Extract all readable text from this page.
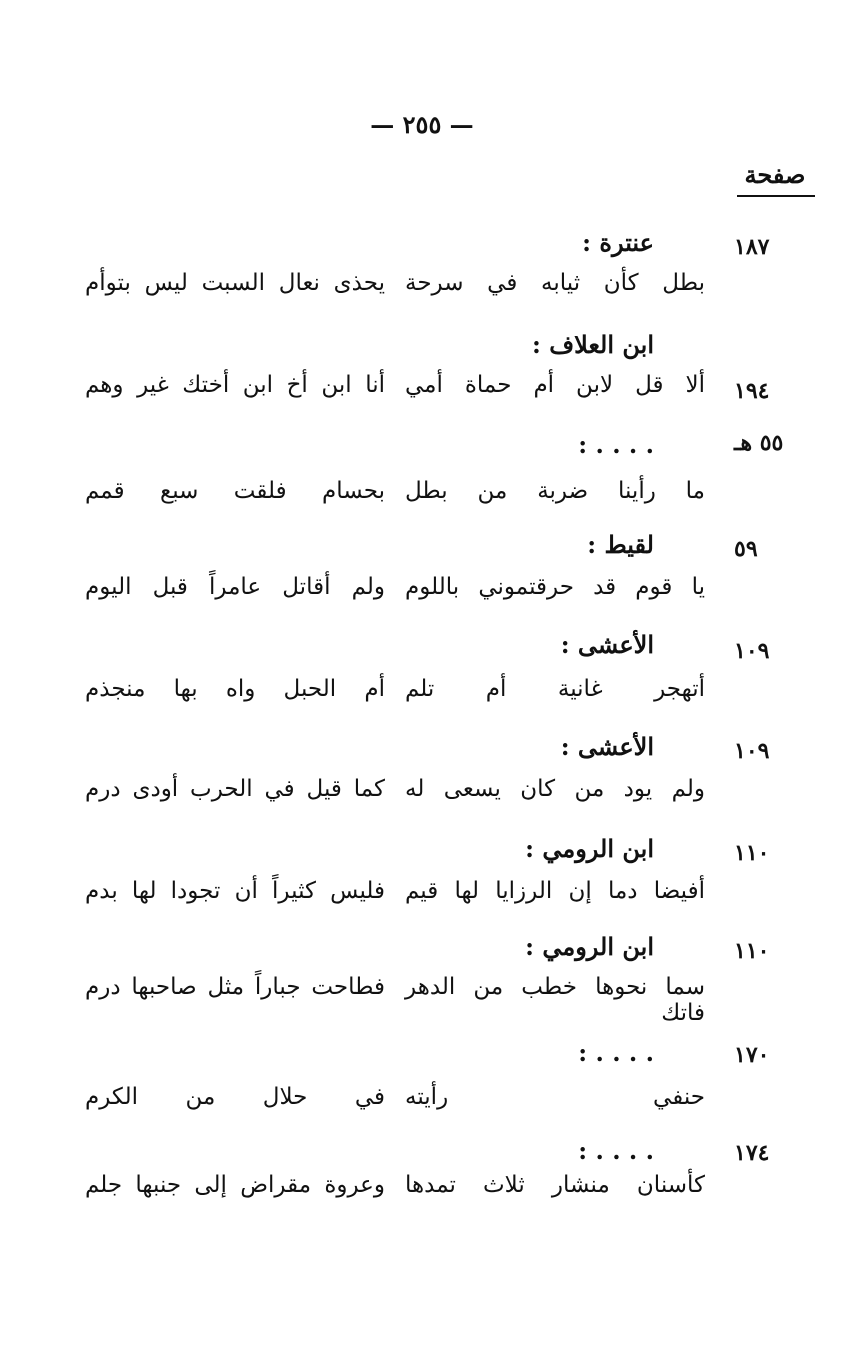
— ٢٥٥ —
صفحة
١٨٧
عنترة :
بطل كأن ثيابه في سرحة
يحذى نعال السبت ليس بتوأم
ابن العلاف :
١٩٤
ألا قل لابن أم حماة أمي
أنا ابن أخ ابن أختك غير وهم
٥٥ هـ
. . . . :
ما رأينا ضربة من بطل
بحسام فلقت سبع قمم
٥٩
لقيط :
يا قوم قد حرقتموني باللوم
ولم أقاتل عامراً قبل اليوم
١٠٩
الأعشى :
أتهجر غانية أم تلم
أم الحبل واه بها منجذم
١٠٩
الأعشى :
ولم يود من كان يسعى له
كما قيل في الحرب أودى درم
١١٠
ابن الرومي :
أفيضا دما إن الرزايا لها قيم
فليس كثيراً أن تجودا لها بدم
١١٠
ابن الرومي :
سما نحوها خطب من الدهر فاتك
فطاحت جباراً مثل صاحبها درم
١٧٠
. . . . :
حنفي رأيته
في حلال من الكرم
١٧٤
. . . . :
كأسنان منشار ثلاث تمدها
وعروة مقراض إلى جنبها جلم
